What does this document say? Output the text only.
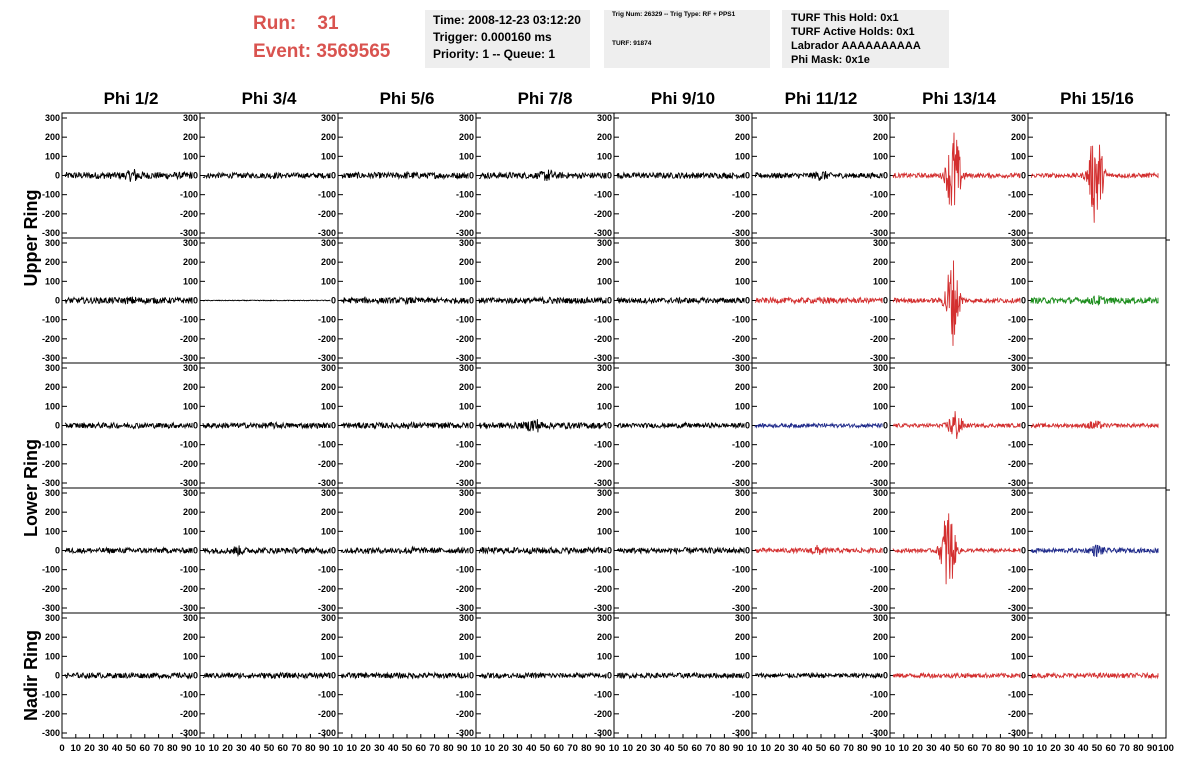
Run: 31
Event: 3569565
Time: 2008-12-23 03:12:20
Trigger: 0.000160 ms
Priority: 1 -- Queue: 1
Trig Num: 26329 -- Trig Type: RF + PPS1
TURF: 91874
TURF This Hold: 0x1
TURF Active Holds: 0x1
Labrador AAAAAAAAAA
Phi Mask: 0x1e
Phi 1/2	Phi 3/4	Phi 5/6	Phi 7/8	Phi 9/10	Phi 11/12	Phi 13/14	Phi 15/16
Upper Ring
Lower Ring
Nadir Ring
300
200
100
0
-100
-200
-300
300
200
100
0
-100
-200
-300
300
200
100
0
-100
-200
-300
300
200
100
0
-100
-200
-300
300
200
100
0
-100
-200
-300
300
200
100
0
-100
-200
-300
300
200
100
0
-100
-200
-300
300
200
100
0
-100
-200
-300
300
200
100
0
-100
-200
-300
300
200
100
0
-100
-200
-300
300
200
100
0
-100
-200
-300
300
200
100
0
-100
-200
-300
300
200
100
0
-100
-200
-300
300
200
100
0
-100
-200
-300
300
200
100
0
-100
-200
-300
300
200
100
0
-100
-200
-300
300
200
100
0
-100
-200
-300
300
200
100
0
-100
-200
-300
300
200
100
0
-100
-200
-300
300
200
100
0
-100
-200
-300
300
200
100
0
-100
-200
-300
300
200
100
0
-100
-200
-300
300
200
100
0
-100
-200
-300
300
200
100
0
-100
-200
-300
300
200
100
0
-100
-200
-300
300
200
100
0
-100
-200
-300
300
200
100
0
-100
-200
-300
300
200
100
0
-100
-200
-300
300
200
100
0
-100
-200
-300
300
200
100
0
-100
-200
-300
300
200
100
0
-100
-200
-300
300
200
100
0
-100
-200
-300
300
200
100
0
-100
-200
-300
300
200
100
0
-100
-200
-300
300
200
100
0
-100
-200
-300
300
200
100
0
-100
-200
-300
300
200
100
0
-100
-200
-300
300
200
100
0
-100
-200
-300
300
200
100
0
-100
-200
-300
300
200
100
0
-100
-200
-300
0 10 20 30 40 50 60 70 80 90 10 10 20 30 40 50 60 70 80 90 10 10 20 30 40 50 60 70 80 90 10 10 20 30 40 50 60 70 80 90 10 10 20 30 40 50 60 70 80 90 10 10 20 30 40 50 60 70 80 90 10 10 20 30 40 50 60 70 80 90 10 10 20 30 40 50 60 70 80 90 100
